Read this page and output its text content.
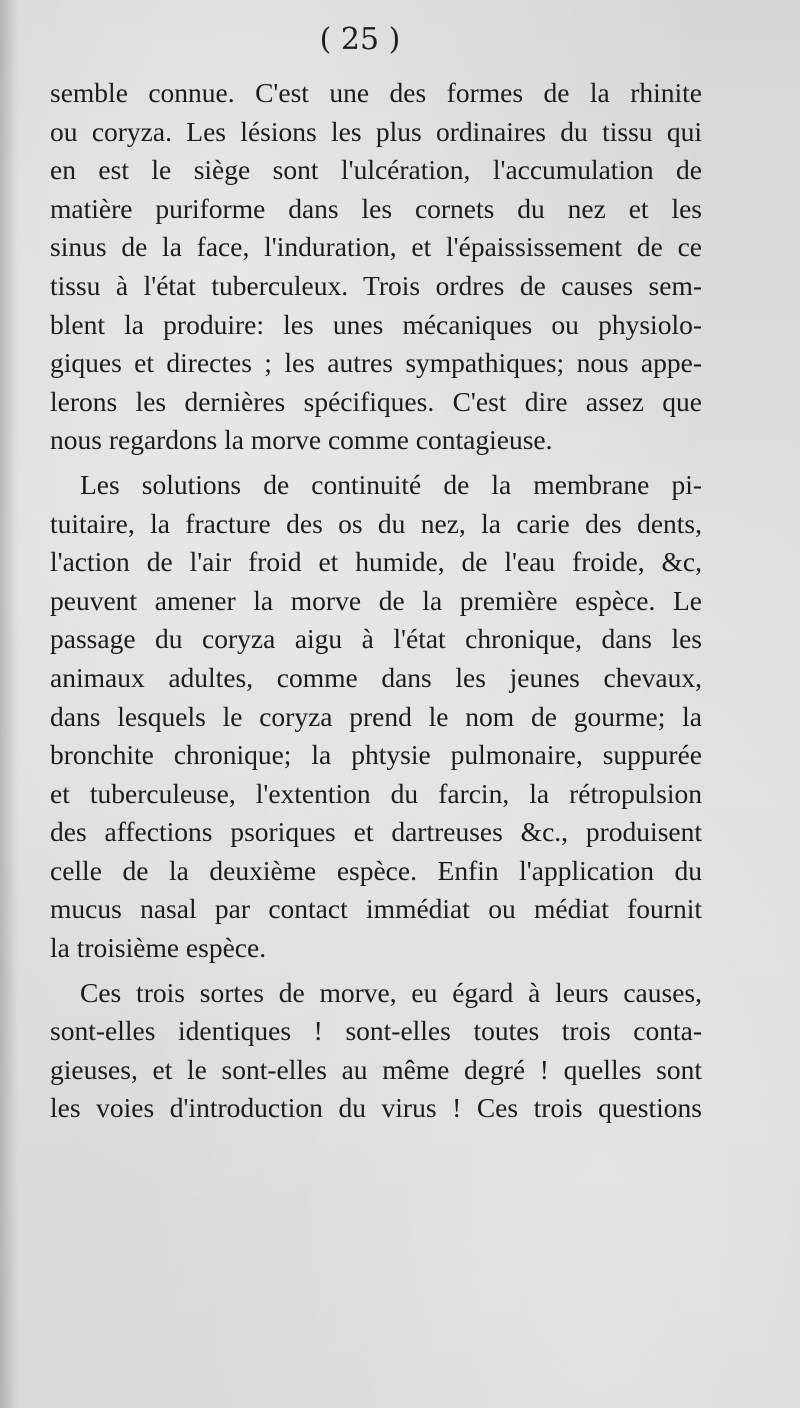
( 25 )
semble connue. C'est une des formes de la rhinite
ou coryza. Les lésions les plus ordinaires du tissu qui
en est le siège sont l'ulcération, l'accumulation de
matière puriforme dans les cornets du nez et les
sinus de la face, l'induration, et l'épaississement de ce
tissu à l'état tuberculeux. Trois ordres de causes sem-
blent la produire: les unes mécaniques ou physiolo-
giques et directes ; les autres sympathiques; nous appe-
lerons les dernières spécifiques. C'est dire assez que
nous regardons la morve comme contagieuse.
Les solutions de continuité de la membrane pi-
tuitaire, la fracture des os du nez, la carie des dents,
l'action de l'air froid et humide, de l'eau froide, &c,
peuvent amener la morve de la première espèce. Le
passage du coryza aigu à l'état chronique, dans les
animaux adultes, comme dans les jeunes chevaux,
dans lesquels le coryza prend le nom de gourme; la
bronchite chronique; la phtysie pulmonaire, suppurée
et tuberculeuse, l'extention du farcin, la rétropulsion
des affections psoriques et dartreuses &c., produisent
celle de la deuxième espèce. Enfin l'application du
mucus nasal par contact immédiat ou médiat fournit
la troisième espèce.
Ces trois sortes de morve, eu égard à leurs causes,
sont-elles identiques ! sont-elles toutes trois conta-
gieuses, et le sont-elles au même degré ! quelles sont
les voies d'introduction du virus ! Ces trois questions
